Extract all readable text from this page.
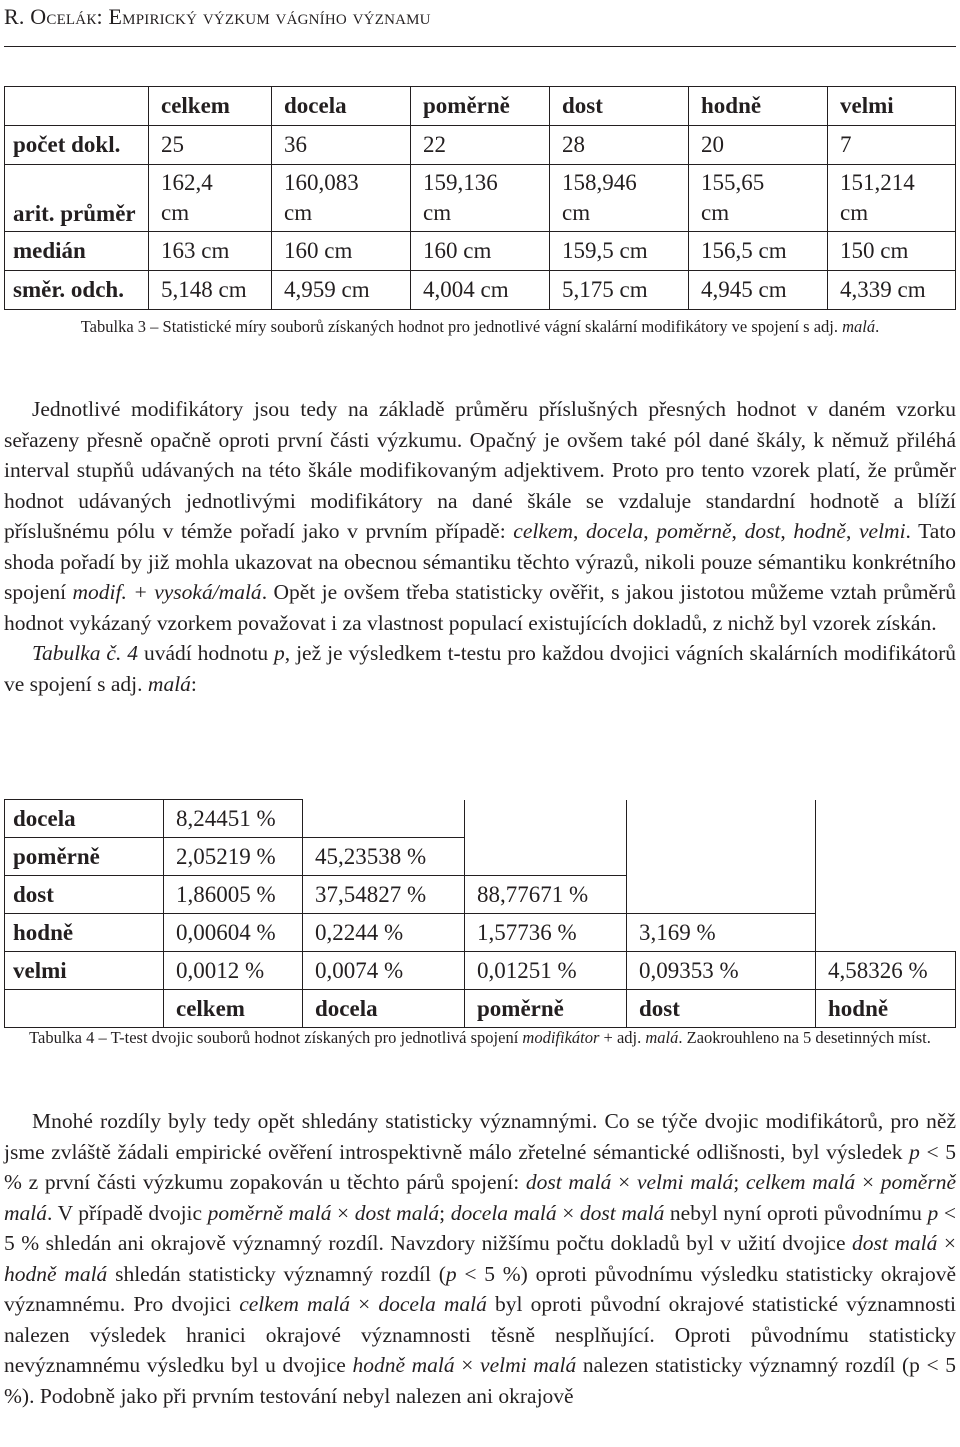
R. Oceláк: Empirický výzkum vágního významu
	celkem	docela	poměrně	dost	hodně	velmi
počet dokl.	25	36	22	28	20	7
arit. průměr	162,4 cm	160,083 cm	159,136 cm	158,946 cm	155,65 cm	151,214 cm
medián	163 cm	160 cm	160 cm	159,5 cm	156,5 cm	150 cm
směr. odch.	5,148 cm	4,959 cm	4,004 cm	5,175 cm	4,945 cm	4,339 cm
Tabulka 3 – Statistické míry souborů získaných hodnot pro jednotlivé vágní skalární modifikátory ve spojení s adj. malá.

Jednotlivé modifikátory jsou tedy na základě průměru příslušných přesných hodnot v daném vzorku seřazeny přesně opačně oproti první části výzkumu. Opačný je ovšem také pól dané škály, k němuž přiléhá interval stupňů udávaných na této škále modifikovaným adjektivem. Proto pro tento vzorek platí, že průměr hodnot udávaných jednotlivými modifikátory na dané škále se vzdaluje standardní hodnotě a blíží příslušnému pólu v témže pořadí jako v prvním případě: celkem, docela, poměrně, dost, hodně, velmi. Tato shoda pořadí by již mohla ukazovat na obecnou sémantiku těchto výrazů, nikoli pouze sémantiku konkrétního spojení modif. + vysoká/malá. Opět je ovšem třeba statisticky ověřit, s jakou jistotou můžeme vztah průměrů hodnot vykázaný vzorkem považovat i za vlastnost populací existujících dokladů, z nichž byl vzorek získán.
Tabulka č. 4 uvádí hodnotu p, jež je výsledkem t-testu pro každou dvojici vágních skalárních modifikátorů ve spojení s adj. malá:

docela	8,24451 %				
poměrně	2,05219 %	45,23538 %			
dost	1,86005 %	37,54827 %	88,77671 %		
hodně	0,00604 %	0,2244 %	1,57736 %	3,169 %	
velmi	0,0012 %	0,0074 %	0,01251 %	0,09353 %	4,58326 %
	celkem	docela	poměrně	dost	hodně
Tabulka 4 – T-test dvojic souborů hodnot získaných pro jednotlivá spojení modifikátor + adj. malá. Zaokrouhleno na 5 desetinných míst.

Mnohé rozdíly byly tedy opět shledány statisticky významnými. Co se týče dvojic modifikátorů, pro něž jsme zvláště žádali empirické ověření introspektivně málo zřetelné sémantické odlišnosti, byl výsledek p < 5 % z první části výzkumu zopakován u těchto párů spojení: dost malá × velmi malá; celkem malá × poměrně malá. V případě dvojic poměrně malá × dost malá; docela malá × dost malá nebyl nyní oproti původnímu p < 5 % shledán ani okrajově významný rozdíl. Navzdory nižšímu počtu dokladů byl v užití dvojice dost malá × hodně malá shledán statisticky významný rozdíl (p < 5 %) oproti původnímu výsledku statisticky okrajově významnému. Pro dvojici celkem malá × docela malá byl oproti původní okrajové statistické významnosti nalezen výsledek hranici okrajové významnosti těsně nesplňující. Oproti původnímu statisticky nevýznamnému výsledku byl u dvojice hodně malá × velmi malá nalezen statisticky významný rozdíl (p < 5 %). Podobně jako při prvním testování nebyl nalezen ani okrajově
